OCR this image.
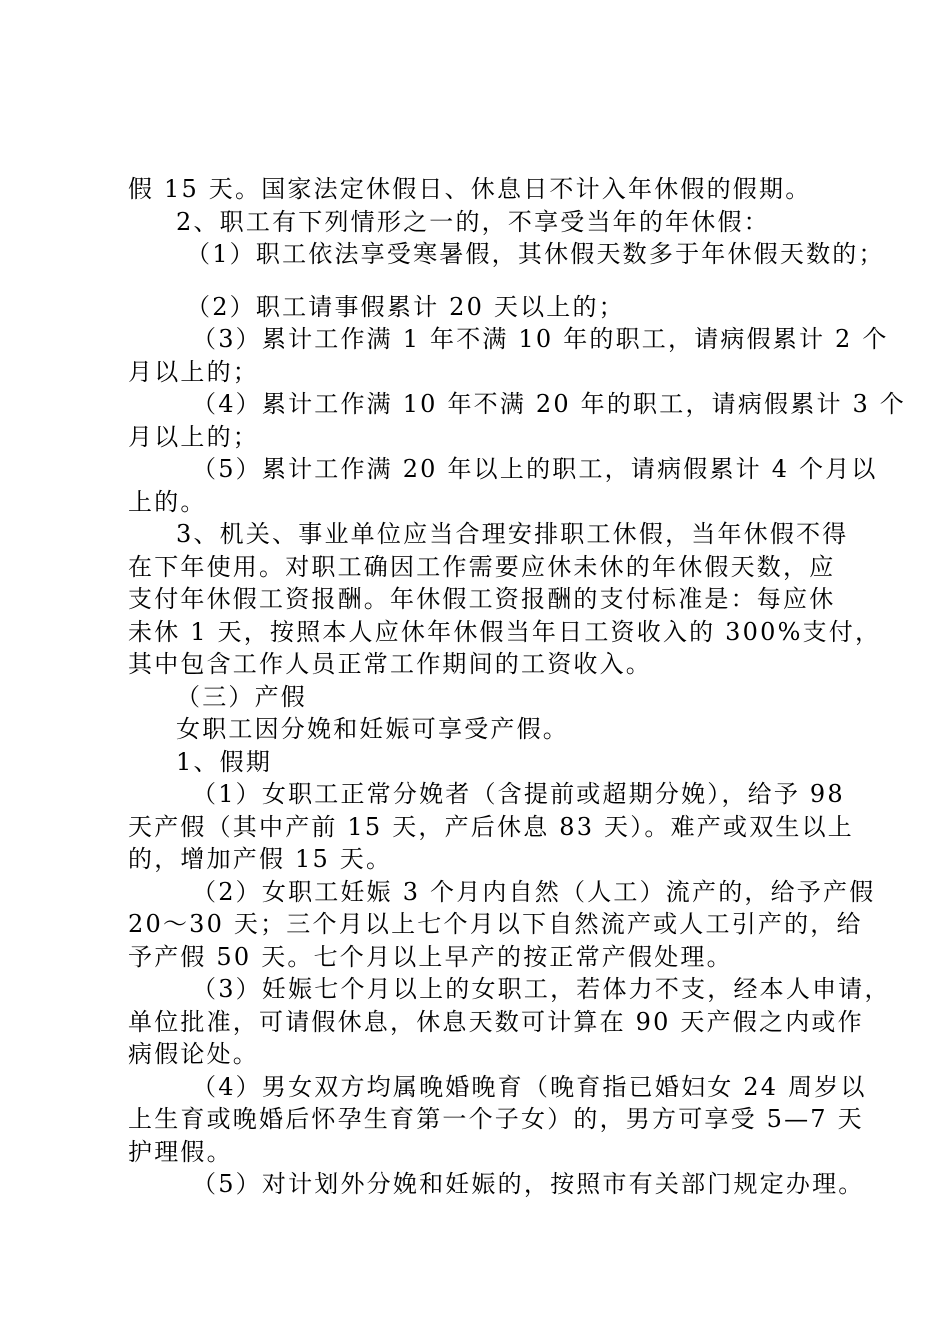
假 15 天。国家法定休假日、休息日不计入年休假的假期。
2、职工有下列情形之一的，不享受当年的年休假：
（1）职工依法享受寒暑假，其休假天数多于年休假天数的；
（2）职工请事假累计 20 天以上的；
（3）累计工作满 1 年不满 10 年的职工，请病假累计 2 个
月以上的；
（4）累计工作满 10 年不满 20 年的职工，请病假累计 3 个
月以上的；
（5）累计工作满 20 年以上的职工，请病假累计 4 个月以
上的。
3、机关、事业单位应当合理安排职工休假，当年休假不得
在下年使用。对职工确因工作需要应休未休的年休假天数，应
支付年休假工资报酬。年休假工资报酬的支付标准是：每应休
未休 1 天，按照本人应休年休假当年日工资收入的 300%支付，
其中包含工作人员正常工作期间的工资收入。
（三）产假
女职工因分娩和妊娠可享受产假。
1、假期
（1）女职工正常分娩者（含提前或超期分娩），给予 98
天产假（其中产前 15 天，产后休息 83 天）。难产或双生以上
的，增加产假 15 天。
（2）女职工妊娠 3 个月内自然（人工）流产的，给予产假
20～30 天；三个月以上七个月以下自然流产或人工引产的，给
予产假 50 天。七个月以上早产的按正常产假处理。
（3）妊娠七个月以上的女职工，若体力不支，经本人申请，
单位批准，可请假休息，休息天数可计算在 90 天产假之内或作
病假论处。
（4）男女双方均属晚婚晚育（晚育指已婚妇女 24 周岁以
上生育或晚婚后怀孕生育第一个子女）的，男方可享受 5—7 天
护理假。
（5）对计划外分娩和妊娠的，按照市有关部门规定办理。
